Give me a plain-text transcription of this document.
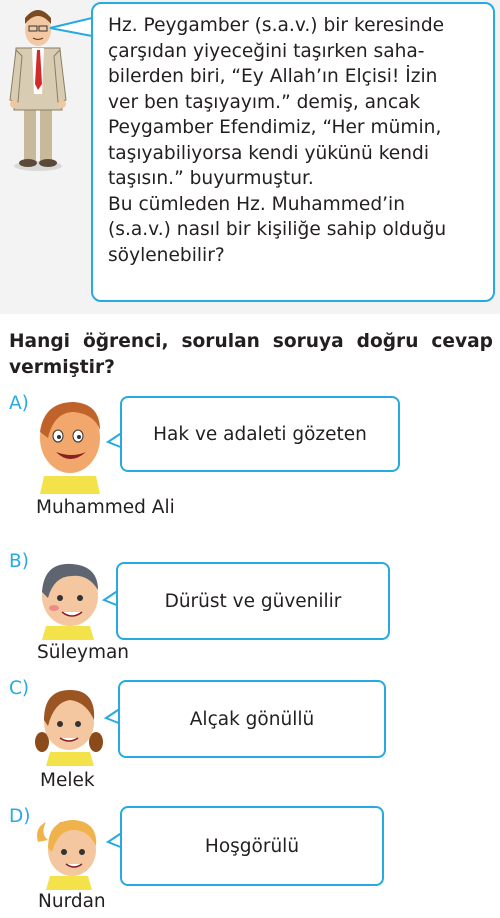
Hz. Peygamber (s.a.v.) bir keresinde
çarşıdan yiyeceğini taşırken saha-
bilerden biri, “Ey Allah’ın Elçisi! İzin
ver ben taşıyayım.” demiş, ancak
Peygamber Efendimiz, “Her mümin,
taşıyabiliyorsa kendi yükünü kendi
taşısın.” buyurmuştur.
Bu cümleden Hz. Muhammed’in
(s.a.v.) nasıl bir kişiliğe sahip olduğu
söylenebilir?

Hangi öğrenci, sorulan soruya doğru cevap vermiştir?

A)
Muhammed Ali
Hak ve adaleti gözeten
B)
Süleyman
Dürüst ve güvenilir
C)
Melek
Alçak gönüllü
D)
Nurdan
Hoşgörülü
